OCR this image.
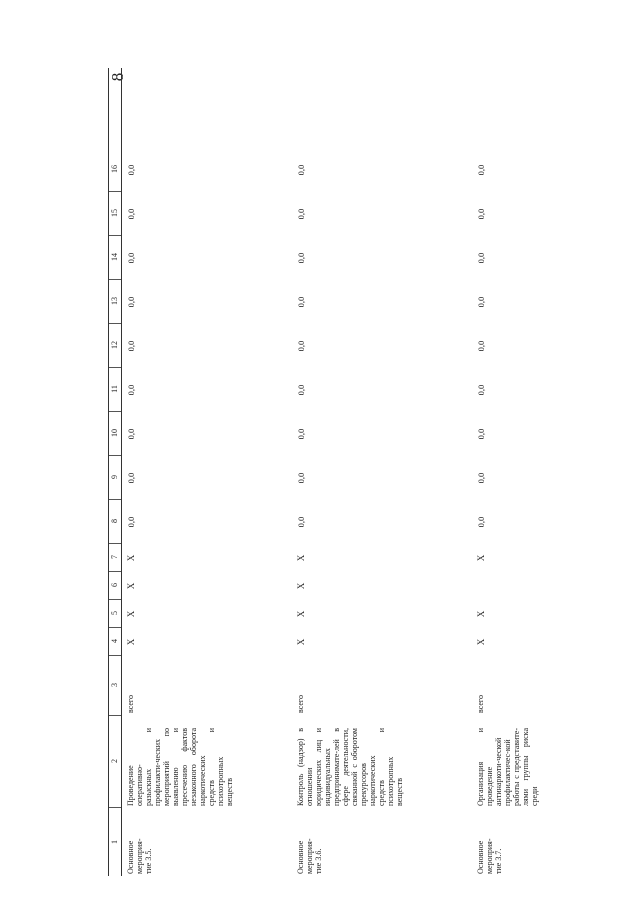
8
1
2
3
4
5
6
7
8
9
10
11
12
13
14
15
16
Основное мероприя-тие 3.5.
Проведение оперативно-разыскных и профилакти-ческих мероприятий по выявлению и пресечению фактов незаконного оборота наркотических средств и психотропных веществ
всего
X
X
X
X
0,0
0,0
0,0
0,0
0,0
0,0
0,0
0,0
0,0
Основное мероприя-тие 3.6.
Контроль (надзор) в отношении юридических лиц и индивидуальных предпринимате-лей в сфере деятельности, связанной с оборотом прекурсоров наркотических средств и психотропных веществ
всего
X
X
X
X
0,0
0,0
0,0
0,0
0,0
0,0
0,0
0,0
0,0
Основное мероприя-тие 3.7.
Организация и проведение антинаркоти-ческой профилактичес-кой работы с представите-лями группы риска среди
всего
X
X
X
0,0
0,0
0,0
0,0
0,0
0,0
0,0
0,0
0,0
